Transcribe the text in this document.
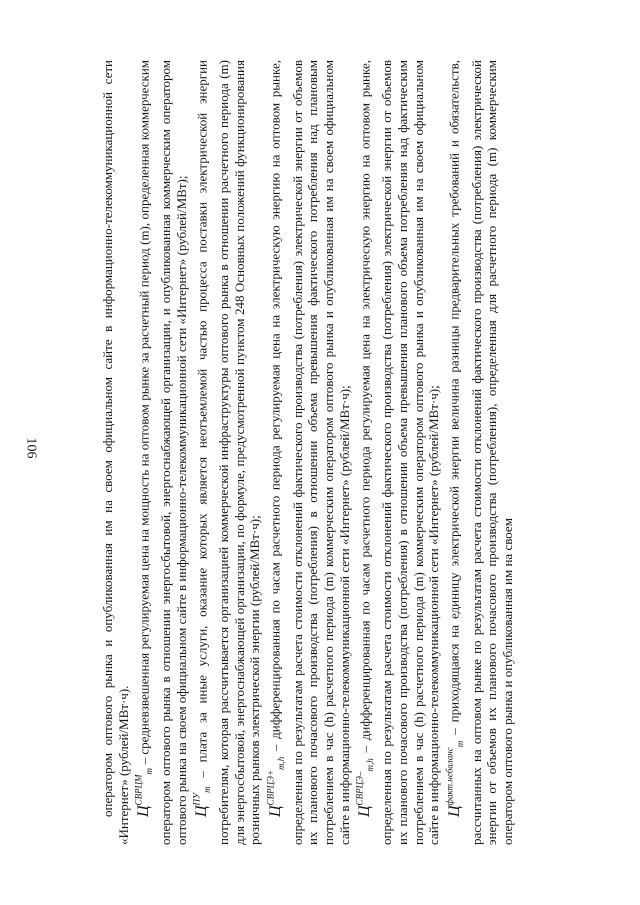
106	оператором оптового рынка и опубликованная им на своем официальном сайте в информационно-телекоммуникационной сети «Интернет» (рублей/МВт·ч). $Ц^{СВРЦМ}_m$ – средневзвешенная регулируемая цена на мощность на оптовом рынке за расчетный период (m), определенная коммерческим оператором оптового рынка в отношении энергосбытовой, энергоснабжающей организации, и опубликованная коммерческим оператором оптового рынка на своем официальном сайте в информационно-телекоммуникационной сети «Интернет» (рублей/МВт); $Ц^{ПУ}_m$ – плата за иные услуги, оказание которых является неотъемлемой частью процесса поставки электрической энергии потребителям, которая рассчитывается организацией коммерческой инфраструктуры оптового рынка в отношении расчетного периода (m) для энергосбытовой, энергоснабжающей организации, по формуле, предусмотренной пунктом 248 Основных положений функционирования розничных рынков электрической энергии (рублей/МВт·ч); $Ц^{СВРЦЭ+}_{m,h}$ – дифференцированная по часам расчетного периода регулируемая цена на электрическую энергию на оптовом рынке, определенная по результатам расчета стоимости отклонений фактического производства (потребления) электрической энергии от объемов их планового почасового производства (потребления) в отношении объема превышения фактического потребления над плановым потреблением в час (h) расчетного периода (m) коммерческим оператором оптового рынка и опубликованная им на своем официальном сайте в информационно-телекоммуникационной сети «Интернет» (рублей/МВт·ч); $Ц^{СВРЦЭ-}_{m,h}$ – дифференцированная по часам расчетного периода регулируемая цена на электрическую энергию на оптовом рынке, определенная по результатам расчета стоимости отклонений фактического производства (потребления) электрической энергии от объемов их планового почасового производства (потребления) в отношении объема превышения планового объема потребления над фактическим потреблением в час (h) расчетного периода (m) коммерческим оператором оптового рынка и опубликованная им на своем официальном сайте в информационно-телекоммуникационной сети «Интернет» (рублей/МВт·ч); $Ц^{факт.небаланс}_m$ – приходящаяся на единицу электрической энергии величина разницы предварительных требований и обязательств, рассчитанных на оптовом рынке по результатам расчета стоимости отклонений фактического производства (потребления) электрической энергии от объемов их планового почасового производства (потребления), определенная для расчетного периода (m) коммерческим оператором оптового рынка и опубликованная им на своем
